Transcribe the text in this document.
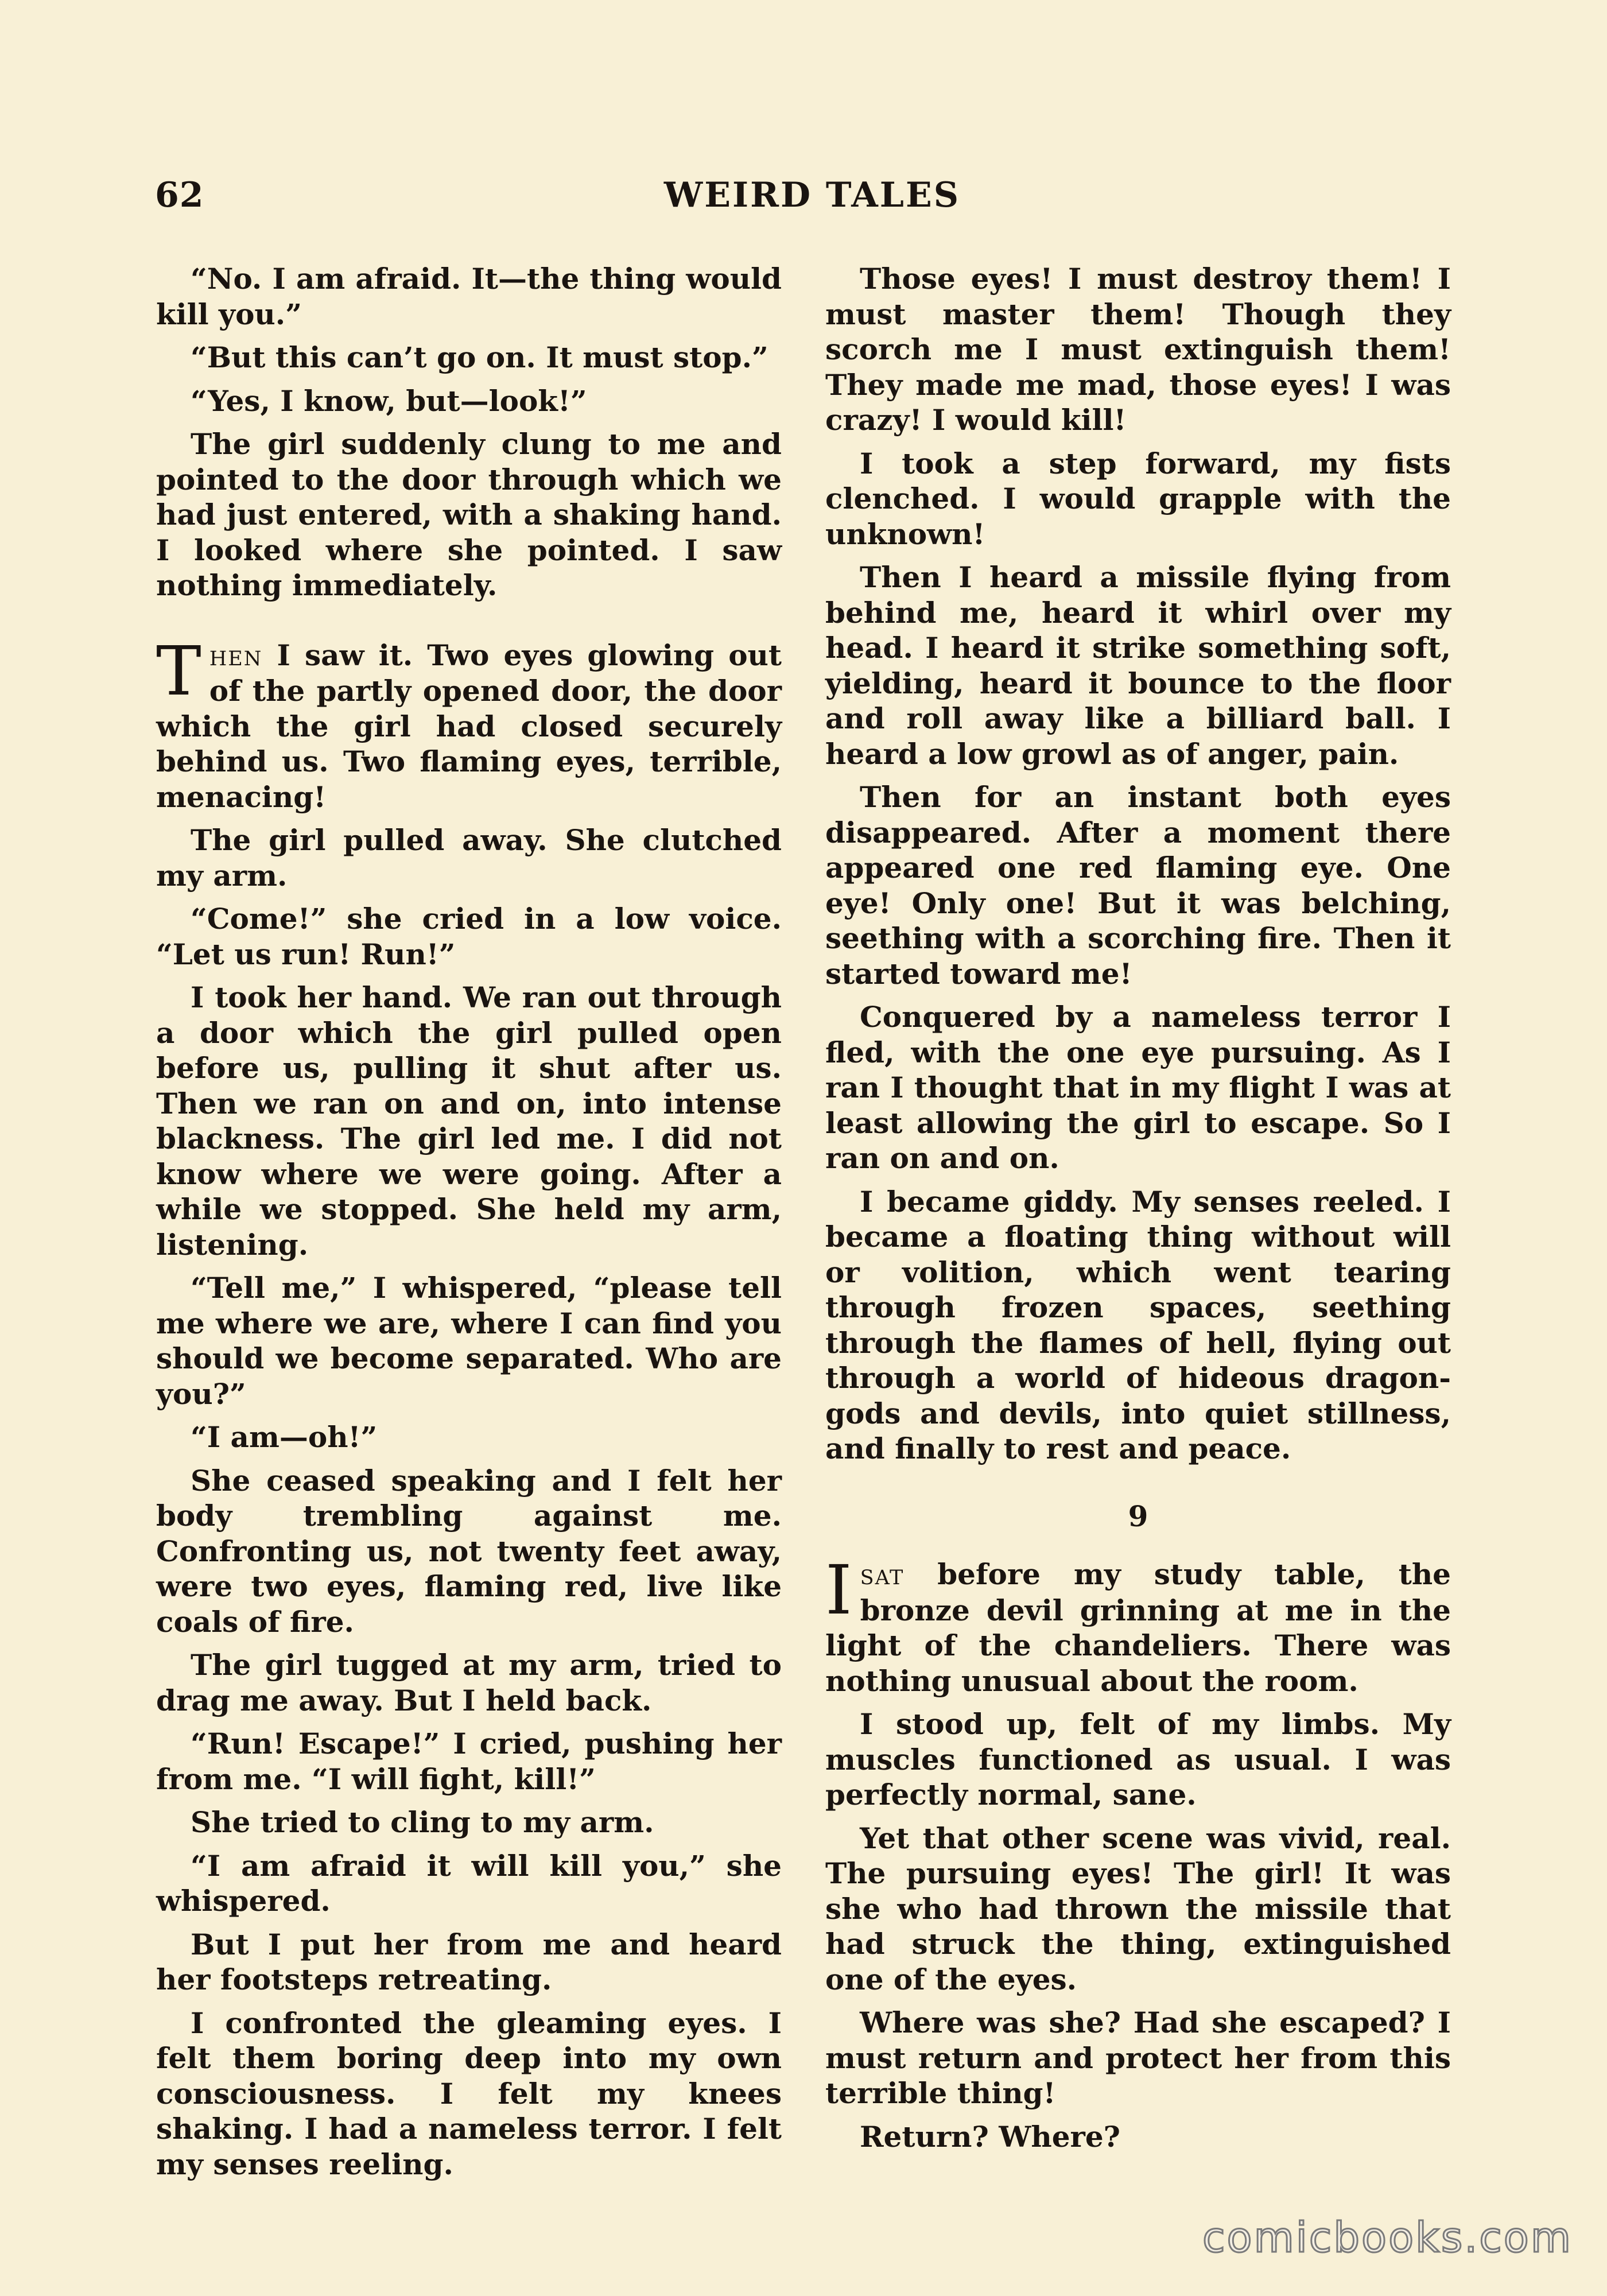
62	WEIRD TALES

“No. I am afraid. It—the thing would kill you.”

“But this can’t go on. It must stop.”

“Yes, I know, but—look!”

The girl suddenly clung to me and pointed to the door through which we had just entered, with a shaking hand. I looked where she pointed. I saw nothing immediately.

Then I saw it. Two eyes glowing out of the partly opened door, the door which the girl had closed securely behind us. Two flaming eyes, terrible, menacing!

The girl pulled away. She clutched my arm.

“Come!” she cried in a low voice. “Let us run! Run!”

I took her hand. We ran out through a door which the girl pulled open before us, pulling it shut after us. Then we ran on and on, into intense blackness. The girl led me. I did not know where we were going. After a while we stopped. She held my arm, listening.

“Tell me,” I whispered, “please tell me where we are, where I can find you should we become separated. Who are you?”

“I am—oh!”

She ceased speaking and I felt her body trembling against me. Confronting us, not twenty feet away, were two eyes, flaming red, live like coals of fire.

The girl tugged at my arm, tried to drag me away. But I held back.

“Run! Escape!” I cried, pushing her from me. “I will fight, kill!”

She tried to cling to my arm.

“I am afraid it will kill you,” she whispered.

But I put her from me and heard her footsteps retreating.

I confronted the gleaming eyes. I felt them boring deep into my own consciousness. I felt my knees shaking. I had a nameless terror. I felt my senses reeling.

Those eyes! I must destroy them! I must master them! Though they scorch me I must extinguish them! They made me mad, those eyes! I was crazy! I would kill!

I took a step forward, my fists clenched. I would grapple with the unknown!

Then I heard a missile flying from behind me, heard it whirl over my head. I heard it strike something soft, yielding, heard it bounce to the floor and roll away like a billiard ball. I heard a low growl as of anger, pain.

Then for an instant both eyes disappeared. After a moment there appeared one red flaming eye. One eye! Only one! But it was belching, seething with a scorching fire. Then it started toward me!

Conquered by a nameless terror I fled, with the one eye pursuing. As I ran I thought that in my flight I was at least allowing the girl to escape. So I ran on and on.

I became giddy. My senses reeled. I became a floating thing without will or volition, which went tearing through frozen spaces, seething through the flames of hell, flying out through a world of hideous dragon-gods and devils, into quiet stillness, and finally to rest and peace.

9

Isat before my study table, the bronze devil grinning at me in the light of the chandeliers. There was nothing unusual about the room.

I stood up, felt of my limbs. My muscles functioned as usual. I was perfectly normal, sane.

Yet that other scene was vivid, real. The pursuing eyes! The girl! It was she who had thrown the missile that had struck the thing, extinguished one of the eyes.

Where was she? Had she escaped? I must return and protect her from this terrible thing!

Return? Where?

comicbooks.com
